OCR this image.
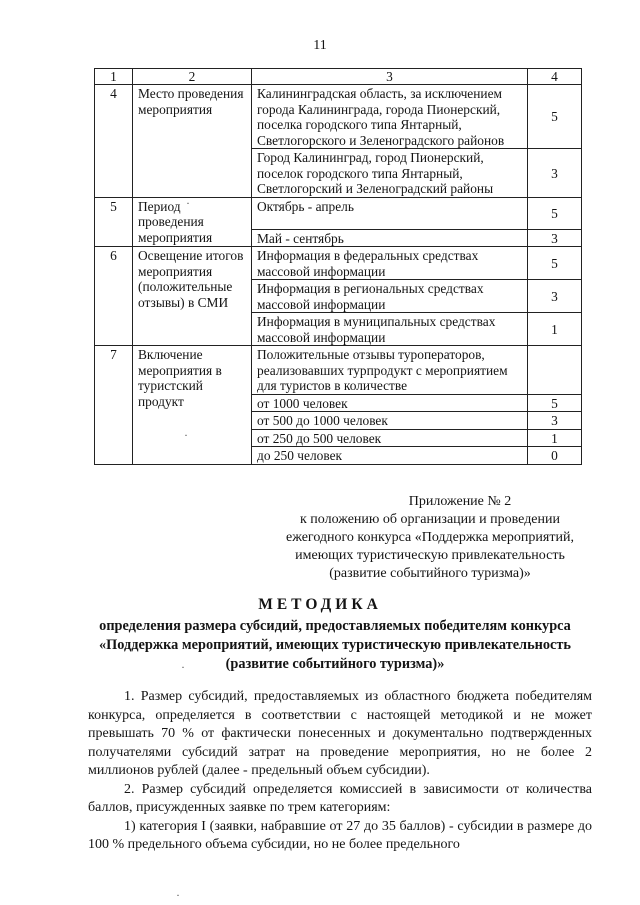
11
1	2	3	4
4	Место проведения мероприятия	Калининградская область, за исключением города Калининграда, города Пионерский, поселка городского типа Янтарный, Светлогорского и Зеленоградского районов	5
		Город Калининград, город Пионерский, поселок городского типа Янтарный, Светлогорский и Зеленоградский районы	3
5	Период проведения мероприятия	Октябрь - апрель	5
		Май - сентябрь	3
6	Освещение итогов мероприятия (положительные отзывы) в СМИ	Информация в федеральных средствах массовой информации	5
		Информация в региональных средствах массовой информации	3
		Информация в муниципальных средствах массовой информации	1
7	Включение мероприятия в туристский продукт	Положительные отзывы туроператоров, реализовавших турпродукт с мероприятием для туристов в количестве	
		от 1000 человек	5
		от 500 до 1000 человек	3
		от 250 до 500 человек	1
		до 250 человек	0
Приложение № 2
к положению об организации и проведении
ежегодного конкурса «Поддержка мероприятий,
имеющих туристическую привлекательность
(развитие событийного туризма)»
МЕТОДИКА
определения размера субсидий, предоставляемых победителям конкурса
«Поддержка мероприятий, имеющих туристическую привлекательность
(развитие событийного туризма)»

1. Размер субсидий, предоставляемых из областного бюджета победителям конкурса, определяется в соответствии с настоящей методикой и не может превышать 70 % от фактически понесенных и документально подтвержденных получателями субсидий затрат на проведение мероприятия, но не более 2 миллионов рублей (далее - предельный объем субсидии).

2. Размер субсидий определяется комиссией в зависимости от количества баллов, присужденных заявке по трем категориям:

1) категория I (заявки, набравшие от 27 до 35 баллов) - субсидии в размере до 100 % предельного объема субсидии, но не более предельного

·
·
·
·
